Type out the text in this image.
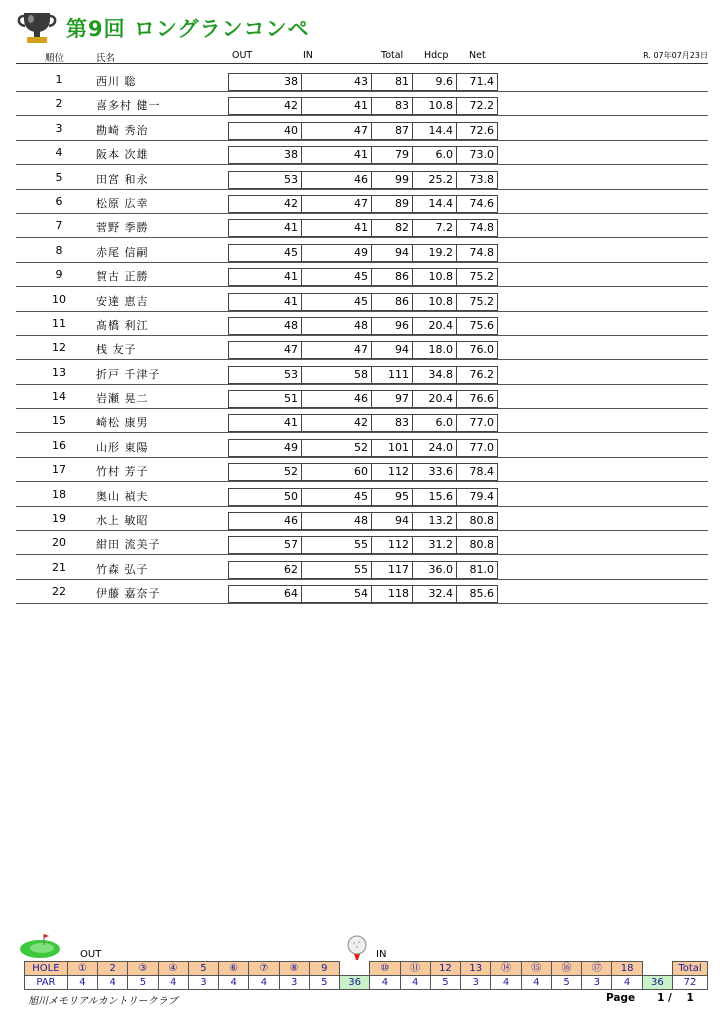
第9回 ロングランコンペ
R. 07年07月23日
順位	氏名	OUT	IN	Total Hdcp Net
1	西川 聡	38	43	81	9.6	71.4
2	喜多村 健一	42	41	83	10.8	72.2
3	勘崎 秀治	40	47	87	14.4	72.6
4	阪本 次雄	38	41	79	6.0	73.0
5	田宮 和永	53	46	99	25.2	73.8
6	松原 広幸	42	47	89	14.4	74.6
7	菅野 季勝	41	41	82	7.2	74.8
8	赤尾 信嗣	45	49	94	19.2	74.8
9	賀古 正勝	41	45	86	10.8	75.2
10	安達 恵吉	41	45	86	10.8	75.2
11	髙橋 利江	48	48	96	20.4	75.6
12	桟 友子	47	47	94	18.0	76.0
13	折戸 千津子	53	58	111	34.8	76.2
14	岩瀬 晃二	51	46	97	20.4	76.6
15	崎松 康男	41	42	83	6.0	77.0
16	山形 東陽	49	52	101	24.0	77.0
17	竹村 芳子	52	60	112	33.6	78.4
18	奥山 禎夫	50	45	95	15.6	79.4
19	水上 敏昭	46	48	94	13.2	80.8
20	紺田 流美子	57	55	112	31.2	80.8
21	竹森 弘子	62	55	117	36.0	81.0
22	伊藤 嘉奈子	64	54	118	32.4	85.6
OUT	IN
HOLE	①	2	③	④	5	⑥	⑦	⑧	9		⑩	⑪	12	13	⑭	⑮	⑯	⑰	18		Total
PAR	4	4	5	4	3	4	4	3	5	36	4	4	5	3	4	4	5	3	4	36	72
旭川メモリアルカントリークラブ	Page 1 / 1
